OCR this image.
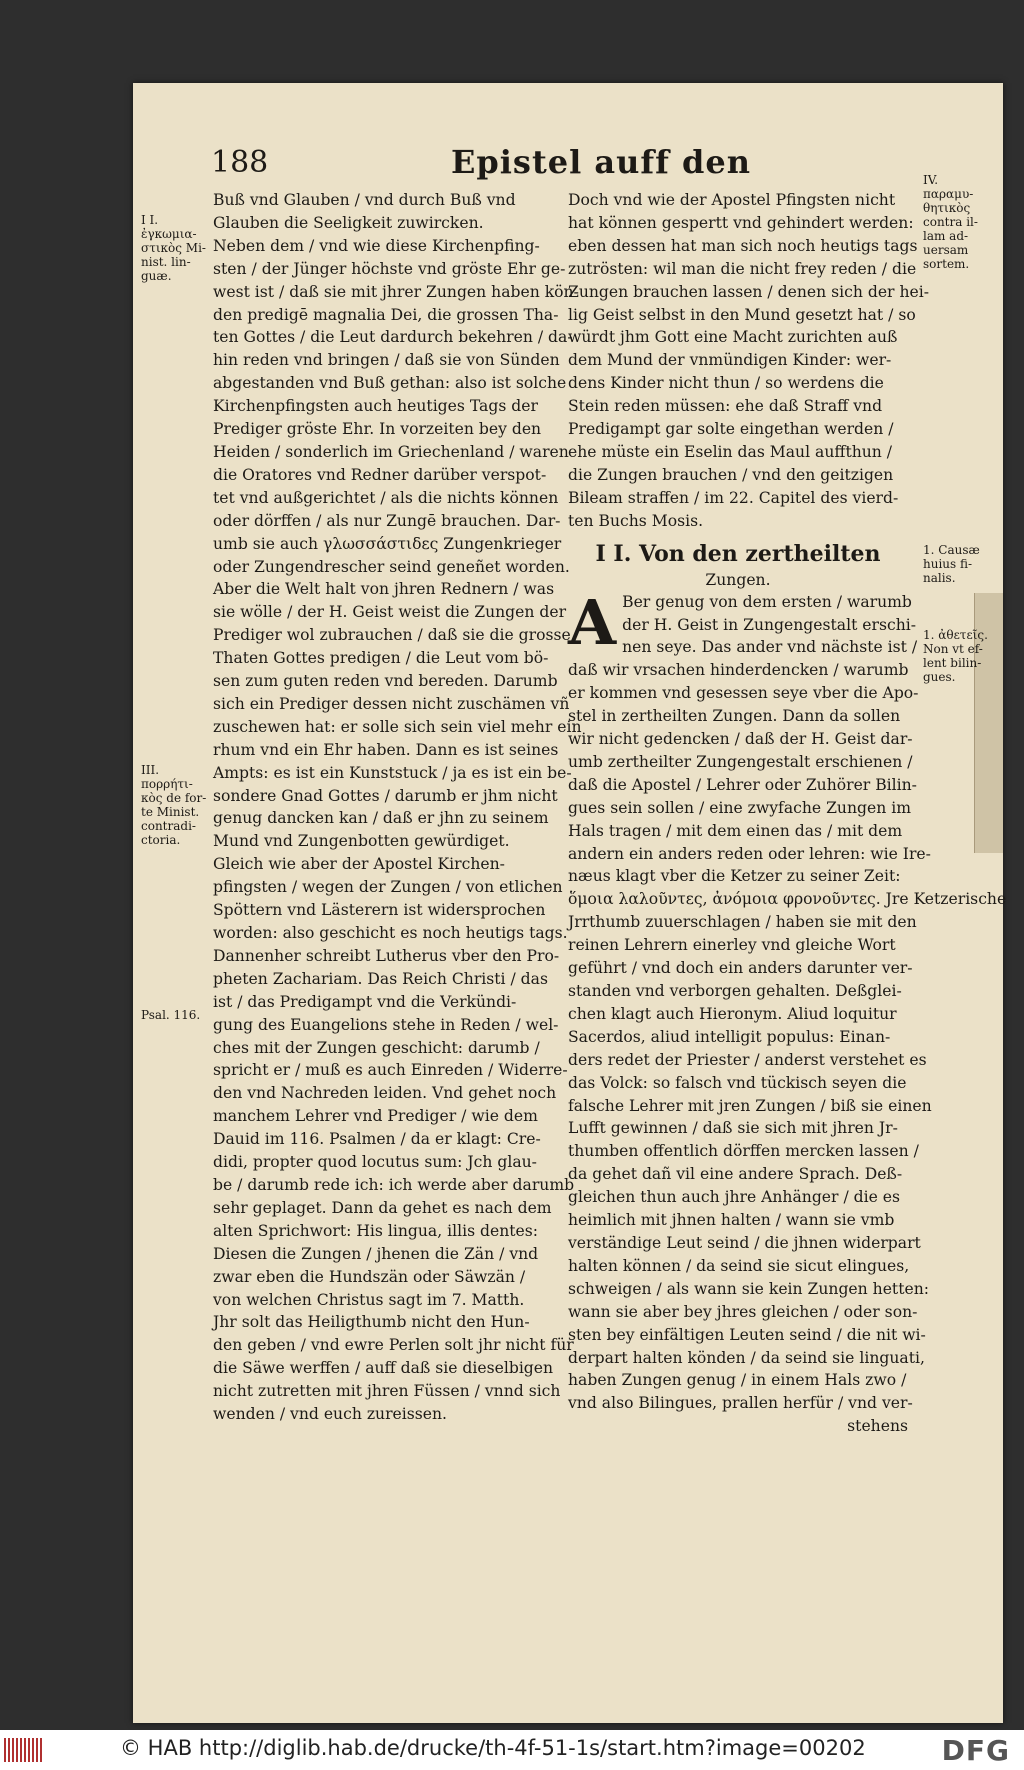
188	Epistel auff den
Buß vnd Glauben / vnd durch Buß vnd
Glauben die Seeligkeit zuwircken.
Neben dem / vnd wie diese Kirchenpfing-
sten / der Jünger höchste vnd gröste Ehr ge-
west ist / daß sie mit jhrer Zungen haben kön-
den predigē magnalia Dei, die grossen Tha-
ten Gottes / die Leut dardurch bekehren / da-
hin reden vnd bringen / daß sie von Sünden
abgestanden vnd Buß gethan: also ist solche
Kirchenpfingsten auch heutiges Tags der
Prediger gröste Ehr. In vorzeiten bey den
Heiden / sonderlich im Griechenland / waren
die Oratores vnd Redner darüber verspot-
tet vnd außgerichtet / als die nichts können
oder dörffen / als nur Zungē brauchen. Dar-
umb sie auch γλωσσάστιδες Zungenkrieger
oder Zungendrescher seind geneñet worden.
Aber die Welt halt von jhren Rednern / was
sie wölle / der H. Geist weist die Zungen der
Prediger wol zubrauchen / daß sie die grosse
Thaten Gottes predigen / die Leut vom bö-
sen zum guten reden vnd bereden. Darumb
sich ein Prediger dessen nicht zuschämen vñ
zuschewen hat: er solle sich sein viel mehr ein
rhum vnd ein Ehr haben. Dann es ist seines
Ampts: es ist ein Kunststuck / ja es ist ein be-
sondere Gnad Gottes / darumb er jhm nicht
genug dancken kan / daß er jhn zu seinem
Mund vnd Zungenbotten gewürdiget.
Gleich wie aber der Apostel Kirchen-
pfingsten / wegen der Zungen / von etlichen
Spöttern vnd Lästerern ist widersprochen
worden: also geschicht es noch heutigs tags.
Dannenher schreibt Lutherus vber den Pro-
pheten Zachariam. Das Reich Christi / das
ist / das Predigampt vnd die Verkündi-
gung des Euangelions stehe in Reden / wel-
ches mit der Zungen geschicht: darumb /
spricht er / muß es auch Einreden / Widerre-
den vnd Nachreden leiden. Vnd gehet noch
manchem Lehrer vnd Prediger / wie dem
Dauid im 116. Psalmen / da er klagt: Cre-
didi, propter quod locutus sum: Jch glau-
be / darumb rede ich: ich werde aber darumb
sehr geplaget. Dann da gehet es nach dem
alten Sprichwort: His lingua, illis dentes:
Diesen die Zungen / jhenen die Zän / vnd
zwar eben die Hundszän oder Säwzän /
von welchen Christus sagt im 7. Matth.
Jhr solt das Heiligthumb nicht den Hun-
den geben / vnd ewre Perlen solt jhr nicht für
die Säwe werffen / auff daß sie dieselbigen
nicht zutretten mit jhren Füssen / vnnd sich
wenden / vnd euch zureissen.
Doch vnd wie der Apostel Pfingsten nicht
hat können gespertt vnd gehindert werden:
eben dessen hat man sich noch heutigs tags
zutrösten: wil man die nicht frey reden / die
Zungen brauchen lassen / denen sich der hei-
lig Geist selbst in den Mund gesetzt hat / so
würdt jhm Gott eine Macht zurichten auß
dem Mund der vnmündigen Kinder: wer-
dens Kinder nicht thun / so werdens die
Stein reden müssen: ehe daß Straff vnd
Predigampt gar solte eingethan werden /
ehe müste ein Eselin das Maul auffthun /
die Zungen brauchen / vnd den geitzigen
Bileam straffen / im 22. Capitel des vierd-
ten Buchs Mosis.
I I. Von den zertheilten
Zungen.
A Ber genug von dem ersten / warumb
der H. Geist in Zungengestalt erschi-
nen seye. Das ander vnd nächste ist /
daß wir vrsachen hinderdencken / warumb
er kommen vnd gesessen seye vber die Apo-
stel in zertheilten Zungen. Dann da sollen
wir nicht gedencken / daß der H. Geist dar-
umb zertheilter Zungengestalt erschienen /
daß die Apostel / Lehrer oder Zuhörer Bilin-
gues sein sollen / eine zwyfache Zungen im
Hals tragen / mit dem einen das / mit dem
andern ein anders reden oder lehren: wie Ire-
næus klagt vber die Ketzer zu seiner Zeit:
ὅμοια λαλοῦντες, ἀνόμοια φρονοῦντες. Jre Ketzerische
Jrrthumb zuuerschlagen / haben sie mit den
reinen Lehrern einerley vnd gleiche Wort
geführt / vnd doch ein anders darunter ver-
standen vnd verborgen gehalten. Deßglei-
chen klagt auch Hieronym. Aliud loquitur
Sacerdos, aliud intelligit populus: Einan-
ders redet der Priester / anderst verstehet es
das Volck: so falsch vnd tückisch seyen die
falsche Lehrer mit jren Zungen / biß sie einen
Lufft gewinnen / daß sie sich mit jhren Jr-
thumben offentlich dörffen mercken lassen /
da gehet dañ vil eine andere Sprach. Deß-
gleichen thun auch jhre Anhänger / die es
heimlich mit jhnen halten / wann sie vmb
verständige Leut seind / die jhnen widerpart
halten können / da seind sie sicut elingues,
schweigen / als wann sie kein Zungen hetten:
wann sie aber bey jhres gleichen / oder son-
sten bey einfältigen Leuten seind / die nit wi-
derpart halten könden / da seind sie linguati,
haben Zungen genug / in einem Hals zwo /
vnd also Bilingues, prallen herfür / vnd ver-
stehens
I I.
ἐγκωμια-
στικὸς Mi-
nist. lin-
guæ.
III.
πορρήτι-
κὸς de for-
te Minist.
contradi-
ctoria.
Psal. 116.
IV.
παραμυ-
θητικὸς
contra il-
lam ad-
uersam
sortem.
1. Causæ
huius fi-
nalis.
1. ἀθετεῖς.
Non vt ef-
lent bilin-
gues.
© HAB http://diglib.hab.de/drucke/th-4f-51-1s/start.htm?image=00202	DFG
